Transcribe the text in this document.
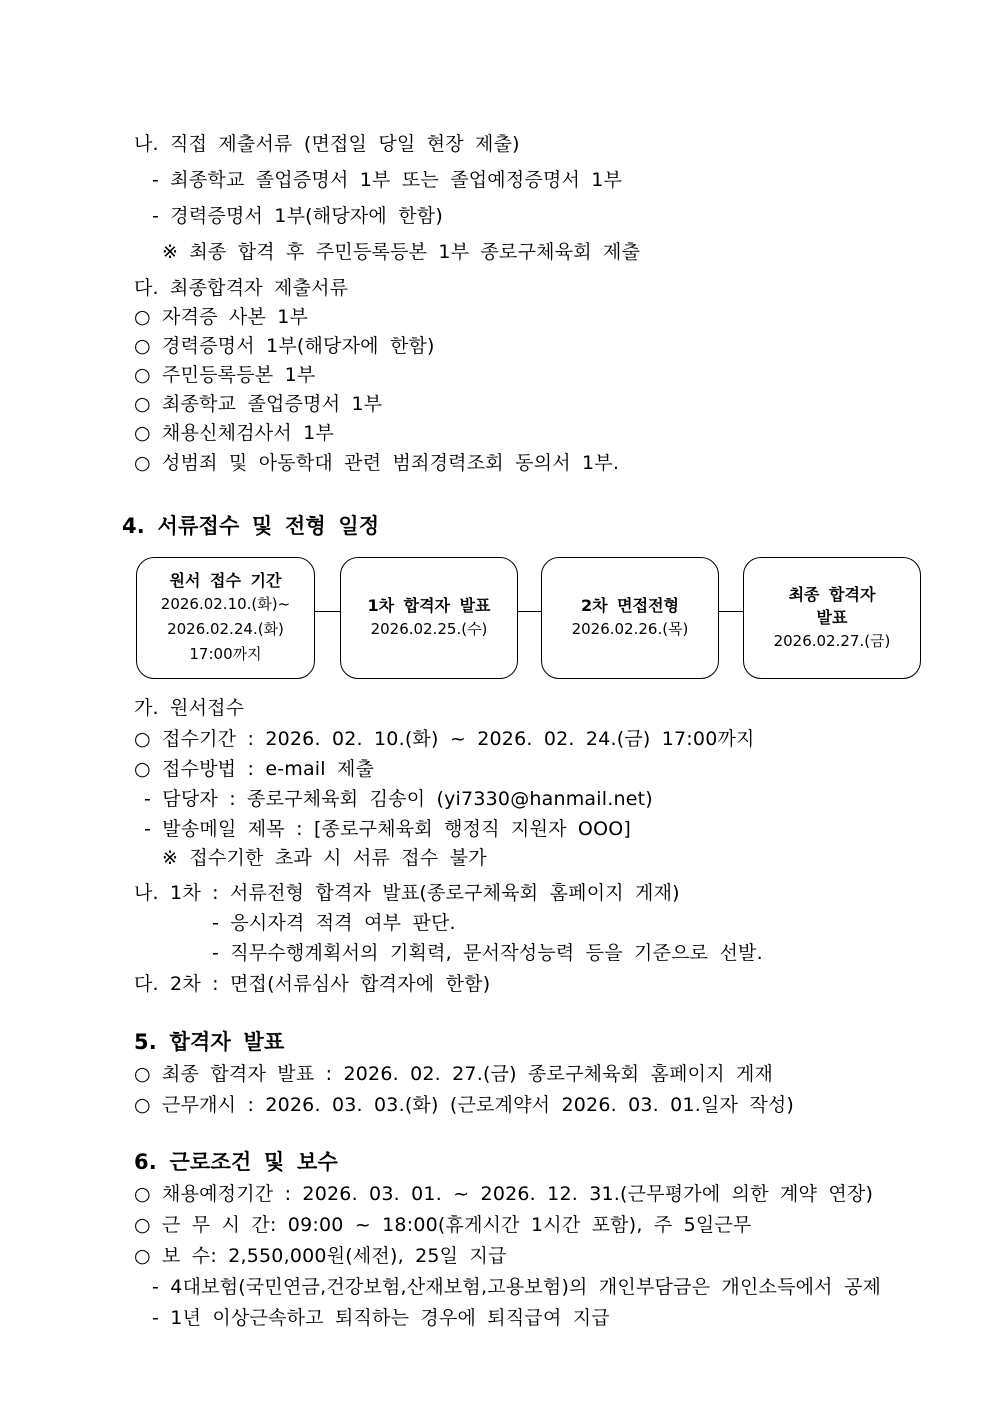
나. 직접 제출서류 (면접일 당일 현장 제출)
- 최종학교 졸업증명서 1부 또는 졸업예정증명서 1부
- 경력증명서 1부(해당자에 한함)
※ 최종 합격 후 주민등록등본 1부 종로구체육회 제출
다. 최종합격자 제출서류
○ 자격증 사본 1부
○ 경력증명서 1부(해당자에 한함)
○ 주민등록등본 1부
○ 최종학교 졸업증명서 1부
○ 채용신체검사서 1부
○ 성범죄 및 아동학대 관련 범죄경력조회 동의서 1부.
4. 서류접수 및 전형 일정
원서 접수 기간
2026.02.10.(화)~
2026.02.24.(화)
17:00까지
1차 합격자 발표
2026.02.25.(수)
2차 면접전형
2026.02.26.(목)
최종 합격자
발표
2026.02.27.(금)
가. 원서접수
○ 접수기간 : 2026. 02. 10.(화) ~ 2026. 02. 24.(금) 17:00까지
○ 접수방법 : e-mail 제출
- 담당자 : 종로구체육회 김송이 (yi7330@hanmail.net)
- 발송메일 제목 : [종로구체육회 행정직 지원자 OOO]
※ 접수기한 초과 시 서류 접수 불가
나. 1차 : 서류전형 합격자 발표(종로구체육회 홈페이지 게재)
- 응시자격 적격 여부 판단.
- 직무수행계획서의 기획력, 문서작성능력 등을 기준으로 선발.
다. 2차 : 면접(서류심사 합격자에 한함)
5. 합격자 발표
○ 최종 합격자 발표 : 2026. 02. 27.(금) 종로구체육회 홈페이지 게재
○ 근무개시 : 2026. 03. 03.(화) (근로계약서 2026. 03. 01.일자 작성)
6. 근로조건 및 보수
○ 채용예정기간 : 2026. 03. 01. ~ 2026. 12. 31.(근무평가에 의한 계약 연장)
○ 근 무 시 간: 09:00 ~ 18:00(휴게시간 1시간 포함), 주 5일근무
○ 보 수: 2,550,000원(세전), 25일 지급
- 4대보험(국민연금,건강보험,산재보험,고용보험)의 개인부담금은 개인소득에서 공제
- 1년 이상근속하고 퇴직하는 경우에 퇴직급여 지급
